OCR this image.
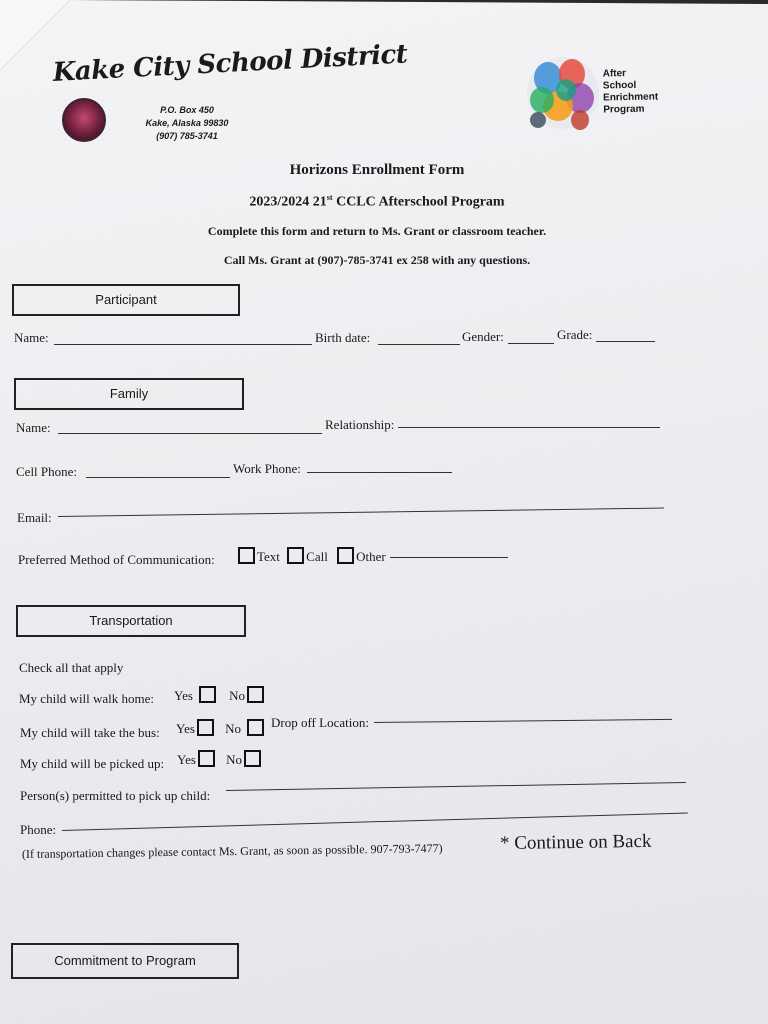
Kake City School District
P.O. Box 450
Kake, Alaska 99830
(907) 785-3741
After
School
Enrichment
Program
Horizons Enrollment Form
2023/2024 21st CCLC Afterschool Program
Complete this form and return to Ms. Grant or classroom teacher.
Call Ms. Grant at (907)-785-3741 ex 258 with any questions.
Participant
Name:	Birth date:	Gender:	Grade:
Family
Name:	Relationship:
Cell Phone:	Work Phone:
Email:
Preferred Method of Communication:	Text Call Other
Transportation
Check all that apply
My child will walk home: Yes	No
My child will take the bus: Yes No	Drop off Location:
My child will be picked up: Yes No
Person(s) permitted to pick up child:
Phone:
(If transportation changes please contact Ms. Grant, as soon as possible. 907-793-7477)	* Continue on Back
Commitment to Program
